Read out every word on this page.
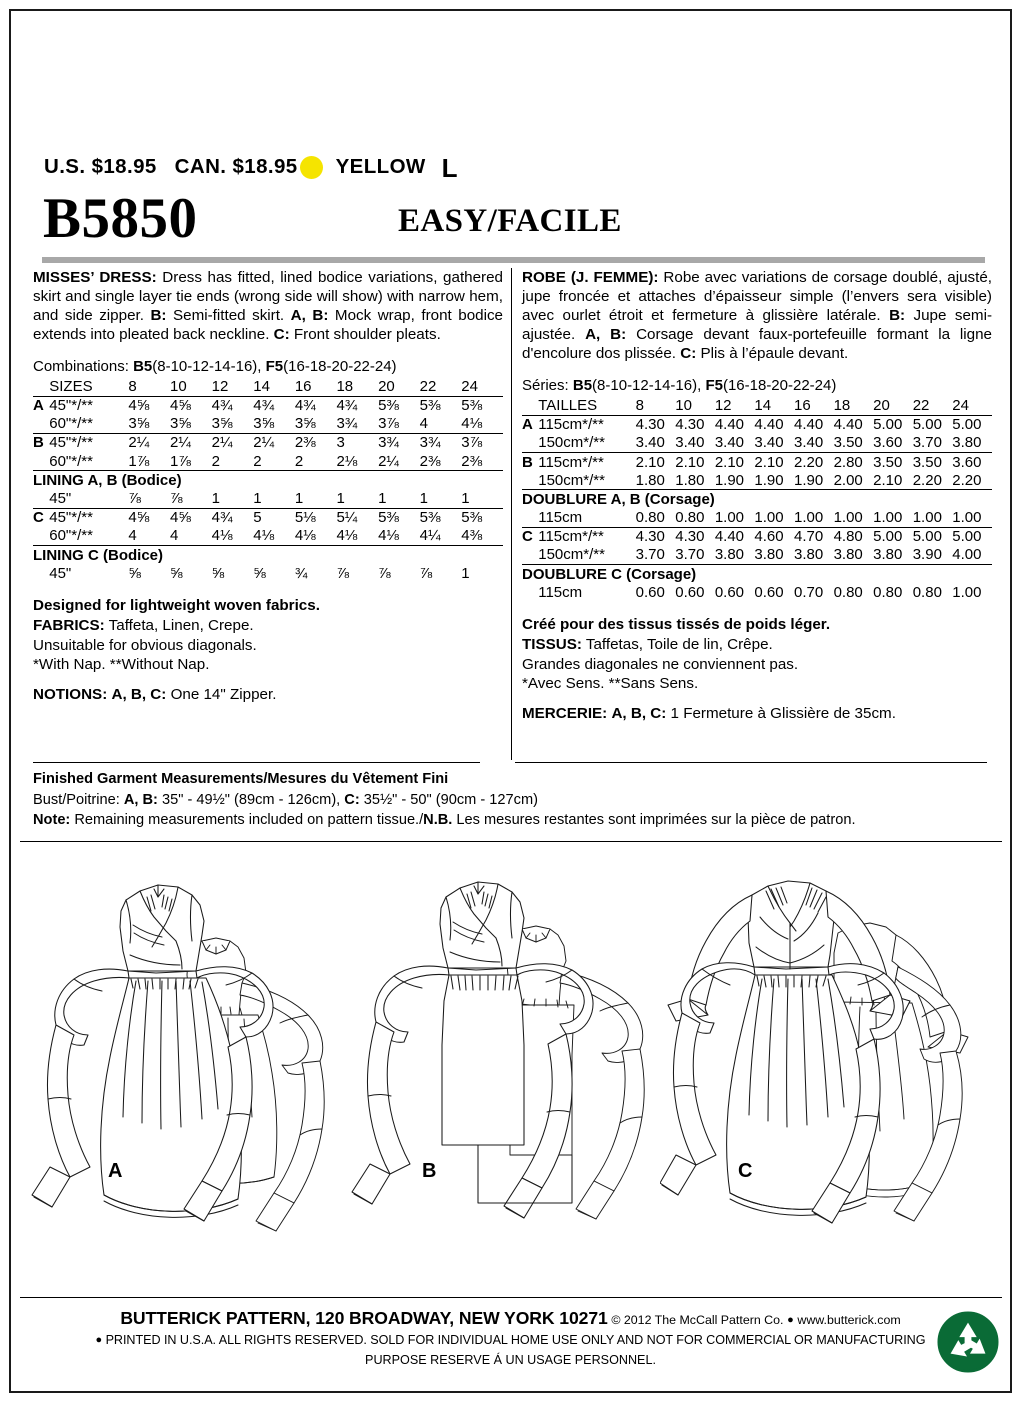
U.S. $18.95 CAN. $18.95 YELLOW L
B5850	EASY/FACILE

MISSES’ DRESS: Dress has fitted, lined bodice variations, gathered skirt and single layer tie ends (wrong side will show) with narrow hem, and side zipper. B: Semi-fitted skirt. A, B: Mock wrap, front bodice extends into pleated back neckline. C: Front shoulder pleats.

Combinations: B5(8-10-12-14-16), F5(16-18-20-22-24)
	SIZES	8	10	12	14	16	18	20	22	24
A	45"*/**	4⅝	4⅝	4¾	4¾	4¾	4¾	5⅜	5⅜	5⅜
	60"*/**	3⅝	3⅝	3⅝	3⅝	3⅝	3¾	3⅞	4	4⅛
B	45"*/**	2¼	2¼	2¼	2¼	2⅜	3	3¾	3¾	3⅞
	60"*/**	1⅞	1⅞	2	2	2	2⅛	2¼	2⅜	2⅜
LINING A, B (Bodice)										
	45"	⅞	⅞	1	1	1	1	1	1	1
C	45"*/**	4⅝	4⅝	4¾	5	5⅛	5¼	5⅜	5⅜	5⅜
	60"*/**	4	4	4⅛	4⅛	4⅛	4⅛	4⅛	4¼	4⅜
LINING C (Bodice)										
	45"	⅝	⅝	⅝	⅝	¾	⅞	⅞	⅞	1
Designed for lightweight woven fabrics.
FABRICS: Taffeta, Linen, Crepe.
Unsuitable for obvious diagonals.
*With Nap. **Without Nap.
NOTIONS: A, B, C: One 14" Zipper.

ROBE (J. FEMME): Robe avec variations de corsage doublé, ajusté, jupe froncée et attaches d’épaisseur simple (l’envers sera visible) avec ourlet étroit et fermeture à glissière latérale. B: Jupe semi-ajustée. A, B: Corsage devant faux-portefeuille formant la ligne d'encolure dos plissée. C: Plis à l’épaule devant.

Séries: B5(8-10-12-14-16), F5(16-18-20-22-24)
	TAILLES	8	10	12	14	16	18	20	22	24
A	115cm*/**	4.30	4.30	4.40	4.40	4.40	4.40	5.00	5.00	5.00
	150cm*/**	3.40	3.40	3.40	3.40	3.40	3.50	3.60	3.70	3.80
B	115cm*/**	2.10	2.10	2.10	2.10	2.20	2.80	3.50	3.50	3.60
	150cm*/**	1.80	1.80	1.90	1.90	1.90	2.00	2.10	2.20	2.20
DOUBLURE A, B (Corsage)										
	115cm	0.80	0.80	1.00	1.00	1.00	1.00	1.00	1.00	1.00
C	115cm*/**	4.30	4.30	4.40	4.60	4.70	4.80	5.00	5.00	5.00
	150cm*/**	3.70	3.70	3.80	3.80	3.80	3.80	3.80	3.90	4.00
DOUBLURE C (Corsage)										
	115cm	0.60	0.60	0.60	0.60	0.70	0.80	0.80	0.80	1.00
Créé pour des tissus tissés de poids léger.
TISSUS: Taffetas, Toile de lin, Crêpe.
Grandes diagonales ne conviennent pas.
*Avec Sens. **Sans Sens.
MERCERIE: A, B, C: 1 Fermeture à Glissière de 35cm.
Finished Garment Measurements/Mesures du Vêtement Fini
Bust/Poitrine: A, B: 35" - 49½" (89cm - 126cm), C: 35½" - 50" (90cm - 127cm)
Note: Remaining measurements included on pattern tissue./N.B. Les mesures restantes sont imprimées sur la pièce de patron.
A	B	C
BUTTERICK PATTERN, 120 BROADWAY, NEW YORK 10271 © 2012 The McCall Pattern Co. ● www.butterick.com
● PRINTED IN U.S.A. ALL RIGHTS RESERVED. SOLD FOR INDIVIDUAL HOME USE ONLY AND NOT FOR COMMERCIAL OR MANUFACTURING
PURPOSE RESERVE Á UN USAGE PERSONNEL.
